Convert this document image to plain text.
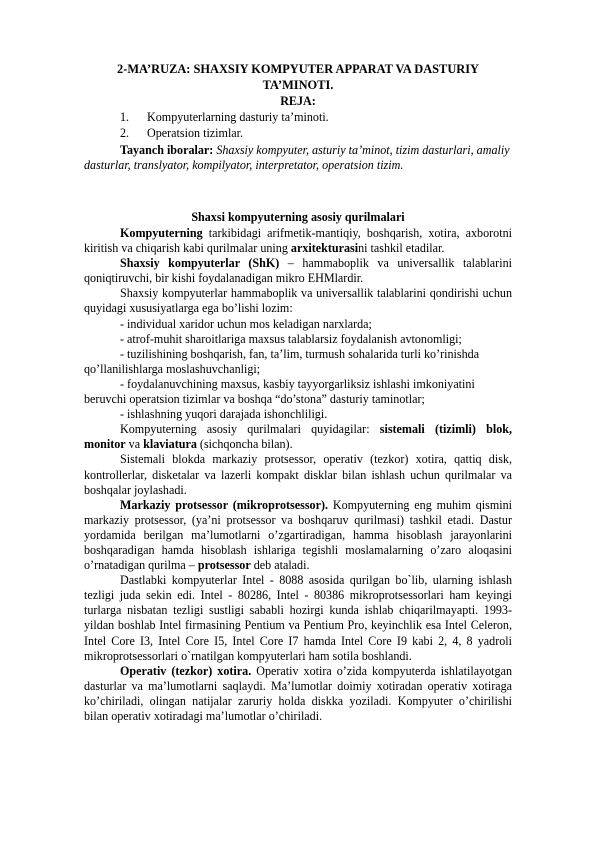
2-MA’RUZA: SHAXSIY KOMPYUTER APPARAT VA DASTURIY TA’MINOTI.
REJA:
1. Kompyuterlarning dasturiy ta’minoti.
2. Operatsion tizimlar.

Tayanch iboralar: Shaxsiy kompyuter, asturiy ta’minot, tizim dasturlari, amaliy dasturlar, translyator, kompilyator, interpretator, operatsion tizim.

Shaxsi kompyuterning asosiy qurilmalari

Kompyuterning tarkibidagi arifmetik-mantiqiy, boshqarish, xotira, axborotni kiritish va chiqarish kabi qurilmalar uning arxitekturasini tashkil etadilar.

Shaxsiy kompyuterlar (ShK) – hammaboplik va universallik talablarini qoniqtiruvchi, bir kishi foydalanadigan mikro EHMlardir.

Shaxsiy kompyuterlar hammaboplik va universallik talablarini qondirishi uchun quyidagi xususiyatlarga ega bo’lishi lozim:

- individual xaridor uchun mos keladigan narxlarda;

- atrof-muhit sharoitlariga maxsus talablarsiz foydalanish avtonomligi;

- tuzilishining boshqarish, fan, ta’lim, turmush sohalarida turli ko’rinishda qo’llanilishlarga moslashuvchanligi;

- foydalanuvchining maxsus, kasbiy tayyorgarliksiz ishlashi imkoniyatini beruvchi operatsion tizimlar va boshqa “do’stona” dasturiy taminotlar;

- ishlashning yuqori darajada ishonchliligi.

Kompyuterning asosiy qurilmalari quyidagilar: sistemali (tizimli) blok, monitor va klaviatura (sichqoncha bilan).

Sistemali blokda markaziy protsessor, operativ (tezkor) xotira, qattiq disk, kontrollerlar, disketalar va lazerli kompakt disklar bilan ishlash uchun qurilmalar va boshqalar joylashadi.

Markaziy protsessor (mikroprotsessor). Kompyuterning eng muhim qismini markaziy protsessor, (ya’ni protsessor va boshqaruv qurilmasi) tashkil etadi. Dastur yordamida berilgan ma’lumotlarni o’zgartiradigan, hamma hisoblash jarayonlarini boshqaradigan hamda hisoblash ishlariga tegishli moslamalarning o’zaro aloqasini o’rnatadigan qurilma – protsessor deb ataladi.

Dastlabki kompyuterlar Intel - 8088 asosida qurilgan bo`lib, ularning ishlash tezligi juda sekin edi. Intel - 80286, Intel - 80386 mikroprotsessorlari ham keyingi turlarga nisbatan tezligi sustligi sababli hozirgi kunda ishlab chiqarilmayapti. 1993-yildan boshlab Intel firmasining Pentium va Pentium Pro, keyinchlik esa Intel Celeron, Intel Core I3, Intel Core I5, Intel Core I7 hamda Intel Core I9 kabi 2, 4, 8 yadroli mikroprotsessorlari o`rnatilgan kompyuterlari ham sotila boshlandi.

Operativ (tezkor) xotira. Operativ xotira o’zida kompyuterda ishlatilayotgan dasturlar va ma’lumotlarni saqlaydi. Ma’lumotlar doimiy xotiradan operativ xotiraga ko’chiriladi, olingan natijalar zaruriy holda diskka yoziladi. Kompyuter o’chirilishi bilan operativ xotiradagi ma’lumotlar o’chiriladi.
